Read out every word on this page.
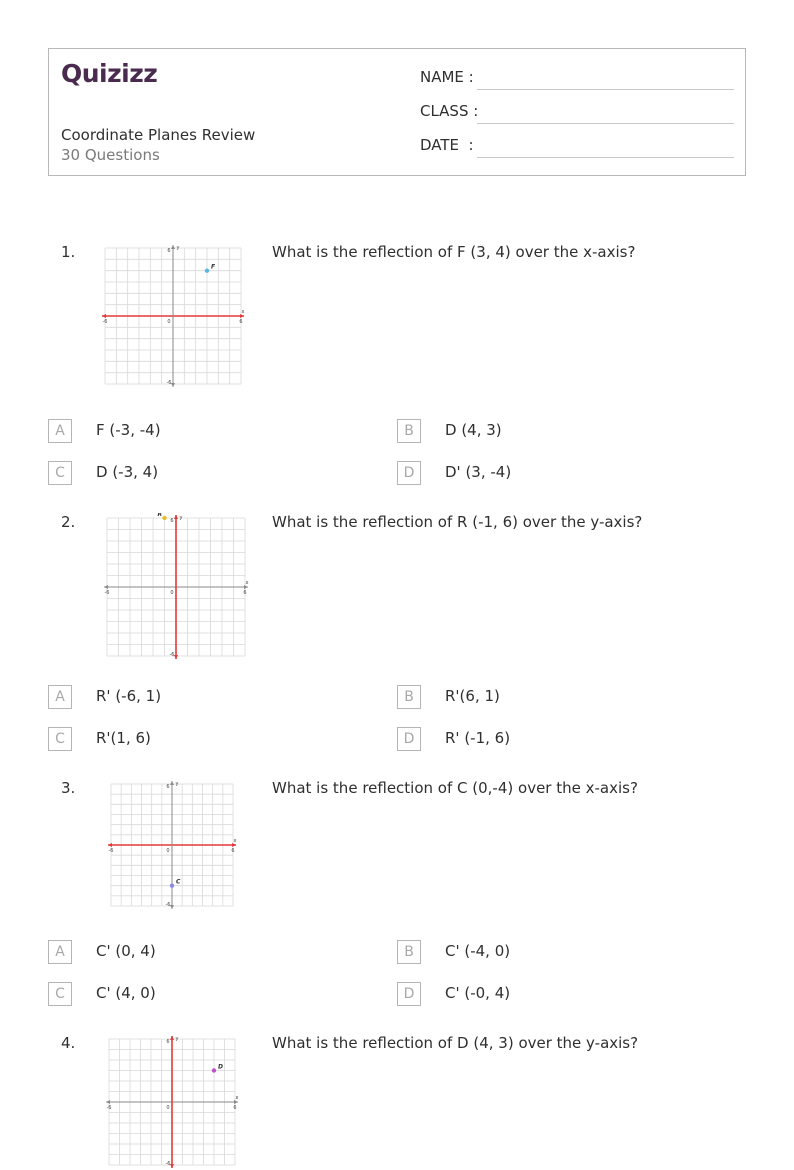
Quizizz
Coordinate Planes Review
30 Questions
NAME :
CLASS :
DATE  :
1.
-6	6
0
6
-6
y
x
F
What is the reflection of F (3, 4) over the x-axis?
A	F (-3, -4)	B	D (4, 3)
C	D (-3, 4)	D	D' (3, -4)
2.
-6	6
0
6
-6
y
x
R	What is the reflection of R (-1, 6) over the y-axis?
A	R' (-6, 1)	B	R'(6, 1)
C	R'(1, 6)	D	R' (-1, 6)
3.
-6	6
0
6
-6
y
x
C
What is the reflection of C (0,-4) over the x-axis?
A	C' (0, 4)	B	C' (-4, 0)
C	C' (4, 0)	D	C' (-0, 4)
4.
-6	6
0
6
-6
y
x
D
What is the reflection of D (4, 3) over the y-axis?
